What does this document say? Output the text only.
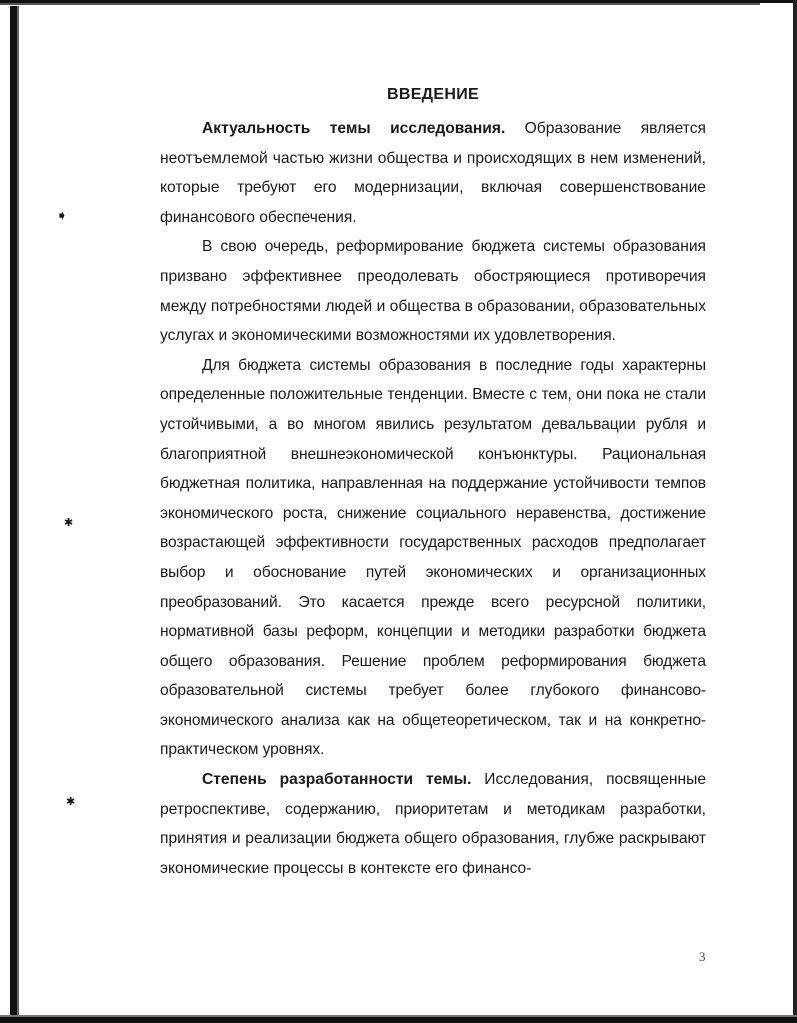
➧
✱
✱
ВВЕДЕНИЕ

Актуальность темы исследования. Образование является неотъемлемой частью жизни общества и происходящих в нем изменений, которые требуют его модернизации, включая совершенствование финансового обеспечения.

В свою очередь, реформирование бюджета системы образования призвано эффективнее преодолевать обостряющиеся противоречия между потребностями людей и общества в образовании, образовательных услугах и экономическими возможностями их удовлетворения.

Для бюджета системы образования в последние годы характерны определенные положительные тенденции. Вместе с тем, они пока не стали устойчивыми, а во многом явились результатом девальвации рубля и благоприятной внешнеэкономической конъюнктуры. Рациональная бюджетная политика, направленная на поддержание устойчивости темпов экономического роста, снижение социального неравенства, достижение возрастающей эффективности государственных расходов предполагает выбор и обоснование путей экономических и организационных преобразований. Это касается прежде всего ресурсной политики, нормативной базы реформ, концепции и методики разработки бюджета общего образования. Решение проблем реформирования бюджета образовательной системы требует более глубокого финансово-экономического анализа как на общетеоретическом, так и на конкретно-практическом уровнях.

Степень разработанности темы. Исследования, посвященные ретроспективе, содержанию, приоритетам и методикам разработки, принятия и реализации бюджета общего образования, глубже раскрывают экономические процессы в контексте его финансо-

3
